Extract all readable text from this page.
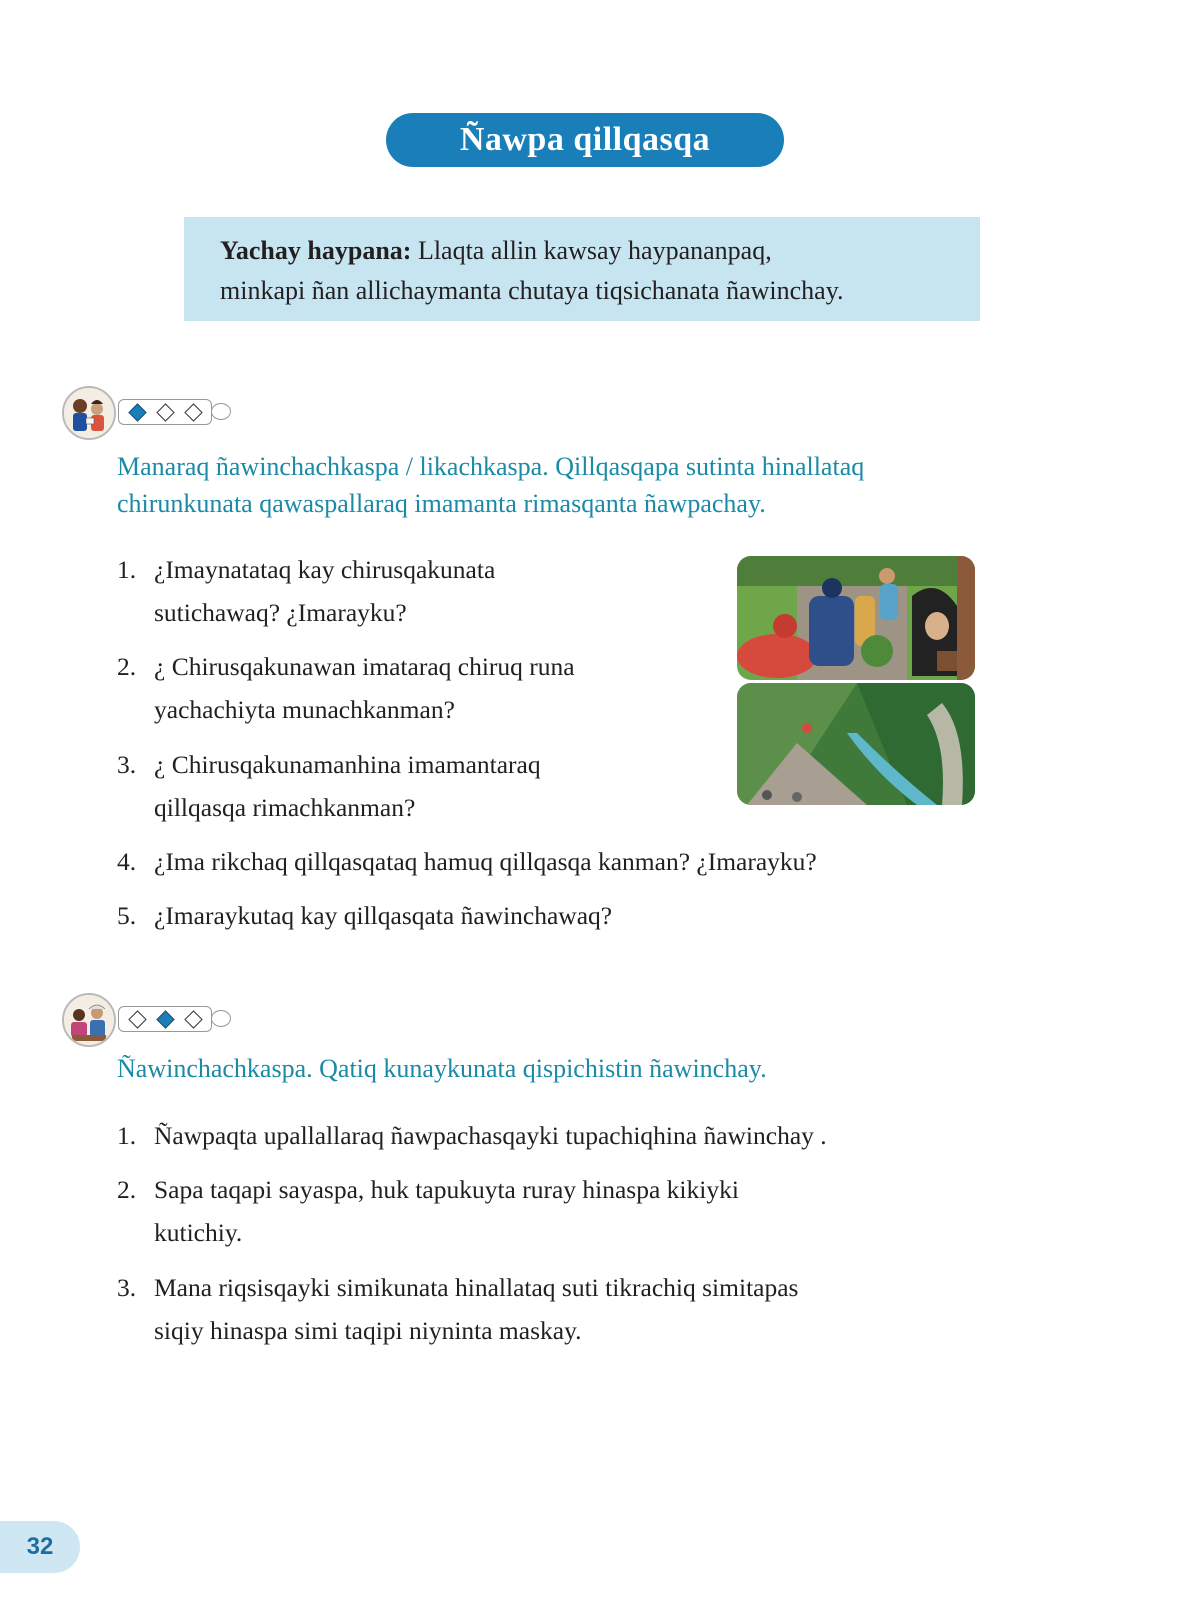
Ñawpa qillqasqa
Yachay haypana: Llaqta allin kawsay haypananpaq,
minkapi ñan allichaymanta chutaya tiqsichanata ñawinchay.
Manaraq ñawinchachkaspa / likachkaspa. Qillqasqapa sutinta hinallataq
chirunkunata qawaspallaraq imamanta rimasqanta ñawpachay.
1. ¿Imaynatataq kay chirusqakunata
sutichawaq? ¿Imarayku?
2. ¿ Chirusqakunawan imataraq chiruq runa
yachachiyta munachkanman?
3. ¿ Chirusqakunamanhina imamantaraq
qillqasqa rimachkanman?
4. ¿Ima rikchaq qillqasqataq hamuq qillqasqa kanman? ¿Imarayku?
5. ¿Imaraykutaq kay qillqasqata ñawinchawaq?
Ñawinchachkaspa. Qatiq kunaykunata qispichistin ñawinchay.
1. Ñawpaqta upallallaraq ñawpachasqayki tupachiqhina ñawinchay .
2. Sapa taqapi sayaspa, huk tapukuyta ruray hinaspa kikiyki
kutichiy.
3. Mana riqsisqayki simikunata hinallataq suti tikrachiq simitapas
siqiy hinaspa simi taqipi niyninta maskay.
32
